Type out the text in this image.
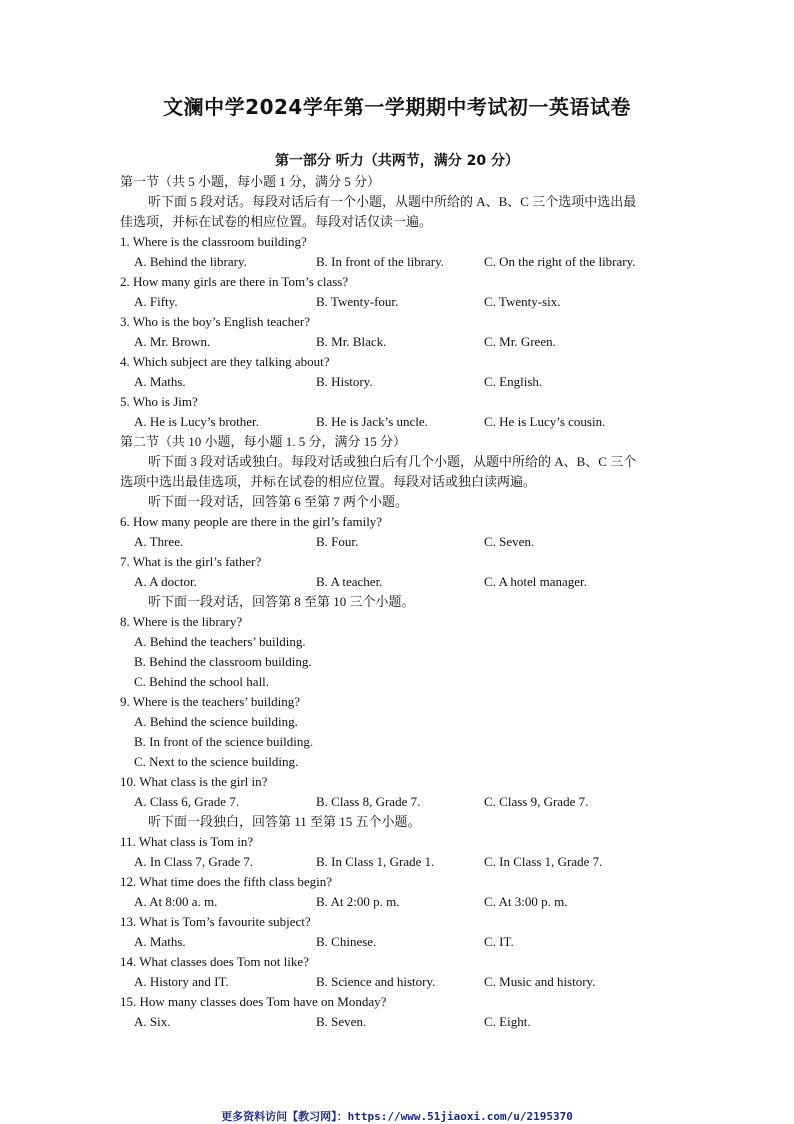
文澜中学2024学年第一学期期中考试初一英语试卷
第一部分 听力（共两节，满分 20 分）
第一节（共 5 小题，每小题 1 分，满分 5 分）
听下面 5 段对话。每段对话后有一个小题，从题中所给的 A、B、C 三个选项中选出最
佳选项，并标在试卷的相应位置。每段对话仅读一遍。
1. Where is the classroom building?
A. Behind the library.	B. In front of the library.	C. On the right of the library.
2. How many girls are there in Tom’s class?
A. Fifty.	B. Twenty-four.	C. Twenty-six.
3. Who is the boy’s English teacher?
A. Mr. Brown.	B. Mr. Black.	C. Mr. Green.
4. Which subject are they talking about?
A. Maths.	B. History.	C. English.
5. Who is Jim?
A. He is Lucy’s brother.	B. He is Jack’s uncle.	C. He is Lucy’s cousin.
第二节（共 10 小题，每小题 1. 5 分，满分 15 分）
听下面 3 段对话或独白。每段对话或独白后有几个小题，从题中所给的 A、B、C 三个
选项中选出最佳选项，并标在试卷的相应位置。每段对话或独白读两遍。
听下面一段对话，回答第 6 至第 7 两个小题。
6. How many people are there in the girl’s family?
A. Three.	B. Four.	C. Seven.
7. What is the girl’s father?
A. A doctor.	B. A teacher.	C. A hotel manager.
听下面一段对话，回答第 8 至第 10 三个小题。
8. Where is the library?
A. Behind the teachers’ building.
B. Behind the classroom building.
C. Behind the school hall.
9. Where is the teachers’ building?
A. Behind the science building.
B. In front of the science building.
C. Next to the science building.
10. What class is the girl in?
A. Class 6, Grade 7.	B. Class 8, Grade 7.	C. Class 9, Grade 7.
听下面一段独白，回答第 11 至第 15 五个小题。
11. What class is Tom in?
A. In Class 7, Grade 7.	B. In Class 1, Grade 1.	C. In Class 1, Grade 7.
12. What time does the fifth class begin?
A. At 8:00 a. m.	B. At 2:00 p. m.	C. At 3:00 p. m.
13. What is Tom’s favourite subject?
A. Maths.	B. Chinese.	C. IT.
14. What classes does Tom not like?
A. History and IT.	B. Science and history.	C. Music and history.
15. How many classes does Tom have on Monday?
A. Six.	B. Seven.	C. Eight.
更多资料访问【教习网】：https://www.51jiaoxi.com/u/2195370
